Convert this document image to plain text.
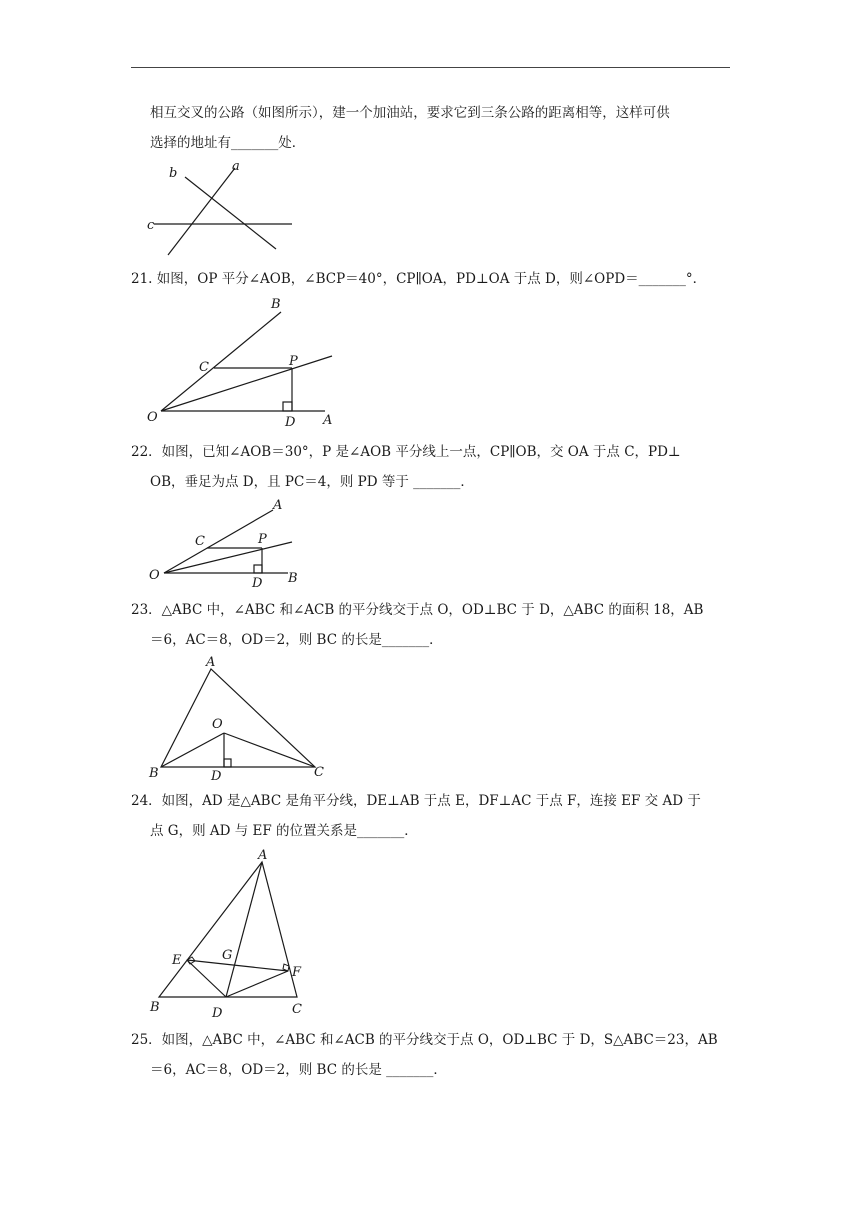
相互交叉的公路（如图所示），建一个加油站，要求它到三条公路的距离相等，这样可供
选择的地址有_______处．
a
b
c
21. 如图，OP 平分∠AOB，∠BCP＝40°，CP∥OA，PD⊥OA 于点 D，则∠OPD＝_______°．
B
C	P
O	D A
22．如图，已知∠AOB＝30°，P 是∠AOB 平分线上一点，CP∥OB，交 OA 于点 C，PD⊥
OB，垂足为点 D，且 PC＝4，则 PD 等于 _______．
A
C	P
O
D B
23．△ABC 中，∠ABC 和∠ACB 的平分线交于点 O，OD⊥BC 于 D，△ABC 的面积 18，AB
＝6，AC＝8，OD＝2，则 BC 的长是_______．
A
O
B	D	C
24．如图，AD 是△ABC 是角平分线，DE⊥AB 于点 E，DF⊥AC 于点 F，连接 EF 交 AD 于
点 G，则 AD 与 EF 的位置关系是_______．
A
E	G
F
B	D	C
25．如图，△ABC 中，∠ABC 和∠ACB 的平分线交于点 O，OD⊥BC 于 D，S△ABC＝23，AB
＝6，AC＝8，OD＝2，则 BC 的长是 _______．
